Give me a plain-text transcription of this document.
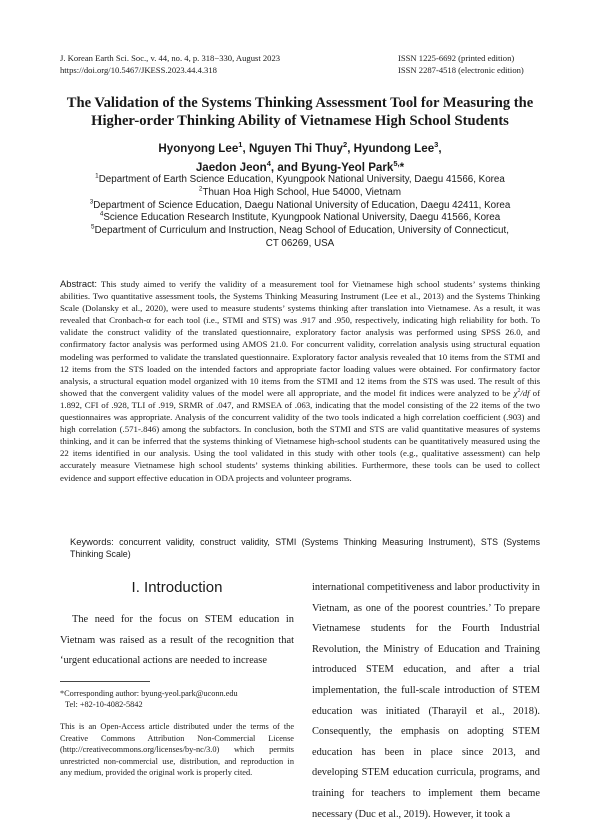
J. Korean Earth Sci. Soc., v. 44, no. 4, p. 318−330, August 2023
https://doi.org/10.5467/JKESS.2023.44.4.318
ISSN 1225-6692 (printed edition)
ISSN 2287-4518 (electronic edition)
The Validation of the Systems Thinking Assessment Tool for Measuring the
Higher-order Thinking Ability of Vietnamese High School Students
Hyonyong Lee$^1$, Nguyen Thi Thuy$^2$, Hyundong Lee$^3$,
Jaedon Jeon$^4$, and Byung-Yeol Park$^{5,}$*
$^1$Department of Earth Science Education, Kyungpook National University, Daegu 41566, Korea
$^2$Thuan Hoa High School, Hue 54000, Vietnam
$^3$Department of Science Education, Daegu National University of Education, Daegu 42411, Korea
$^4$Science Education Research Institute, Kyungpook National University, Daegu 41566, Korea
$^5$Department of Curriculum and Instruction, Neag School of Education, University of Connecticut,
CT 06269, USA
Abstract: This study aimed to verify the validity of a measurement tool for Vietnamese high school students’ systems thinking abilities. Two quantitative assessment tools, the Systems Thinking Measuring Instrument (Lee et al., 2013) and the Systems Thinking Scale (Dolansky et al., 2020), were used to measure students’ systems thinking after translation into Vietnamese. As a result, it was revealed that Cronbach-α for each tool (i.e., STMI and STS) was .917 and .950, respectively, indicating high reliability for both. To validate the construct validity of the translated questionnaire, exploratory factor analysis was performed using SPSS 26.0, and confirmatory factor analysis was performed using AMOS 21.0. For concurrent validity, correlation analysis using structural equation modeling was performed to validate the translated questionnaire. Exploratory factor analysis revealed that 10 items from the STMI and 12 items from the STS loaded on the intended factors and appropriate factor loading values were obtained. For confirmatory factor analysis, a structural equation model organized with 10 items from the STMI and 12 items from the STS was used. The result of this showed that the convergent validity values of the model were all appropriate, and the model fit indices were analyzed to be $\chi^2/df$ of 1.892, CFI of .928, TLI of .919, SRMR of .047, and RMSEA of .063, indicating that the model consisting of the 22 items of the two questionnaires was appropriate. Analysis of the concurrent validity of the two tools indicated a high correlation coefficient (.903) and high correlation (.571-.846) among the subfactors. In conclusion, both the STMI and STS are valid quantitative measures of systems thinking, and it can be inferred that the systems thinking of Vietnamese high-school students can be quantitatively measured using the 22 items identified in our analysis. Using the tool validated in this study with other tools (e.g., qualitative assessment) can help accurately measure Vietnamese high school students’ systems thinking abilities. Furthermore, these tools can be used to collect evidence and support effective education in ODA projects and volunteer programs.
Keywords: concurrent validity, construct validity, STMI (Systems Thinking Measuring Instrument), STS (Systems Thinking Scale)
I. Introduction
The need for the focus on STEM education in Vietnam was raised as a result of the recognition that ‘urgent educational actions are needed to increase
*Corresponding author: byung-yeol.park@uconn.edu
Tel: +82-10-4082-5842
This is an Open-Access article distributed under the terms of the Creative Commons Attribution Non-Commercial License (http://creativecommons.org/licenses/by-nc/3.0) which permits unrestricted non-commercial use, distribution, and reproduction in any medium, provided the original work is properly cited.
international competitiveness and labor productivity in Vietnam, as one of the poorest countries.’ To prepare Vietnamese students for the Fourth Industrial Revolution, the Ministry of Education and Training introduced STEM education, and after a trial implementation, the full-scale introduction of STEM education was initiated (Tharayil et al., 2018). Consequently, the emphasis on adopting STEM education has been in place since 2013, and developing STEM education curricula, programs, and training for teachers to implement them became necessary (Duc et al., 2019). However, it took a
